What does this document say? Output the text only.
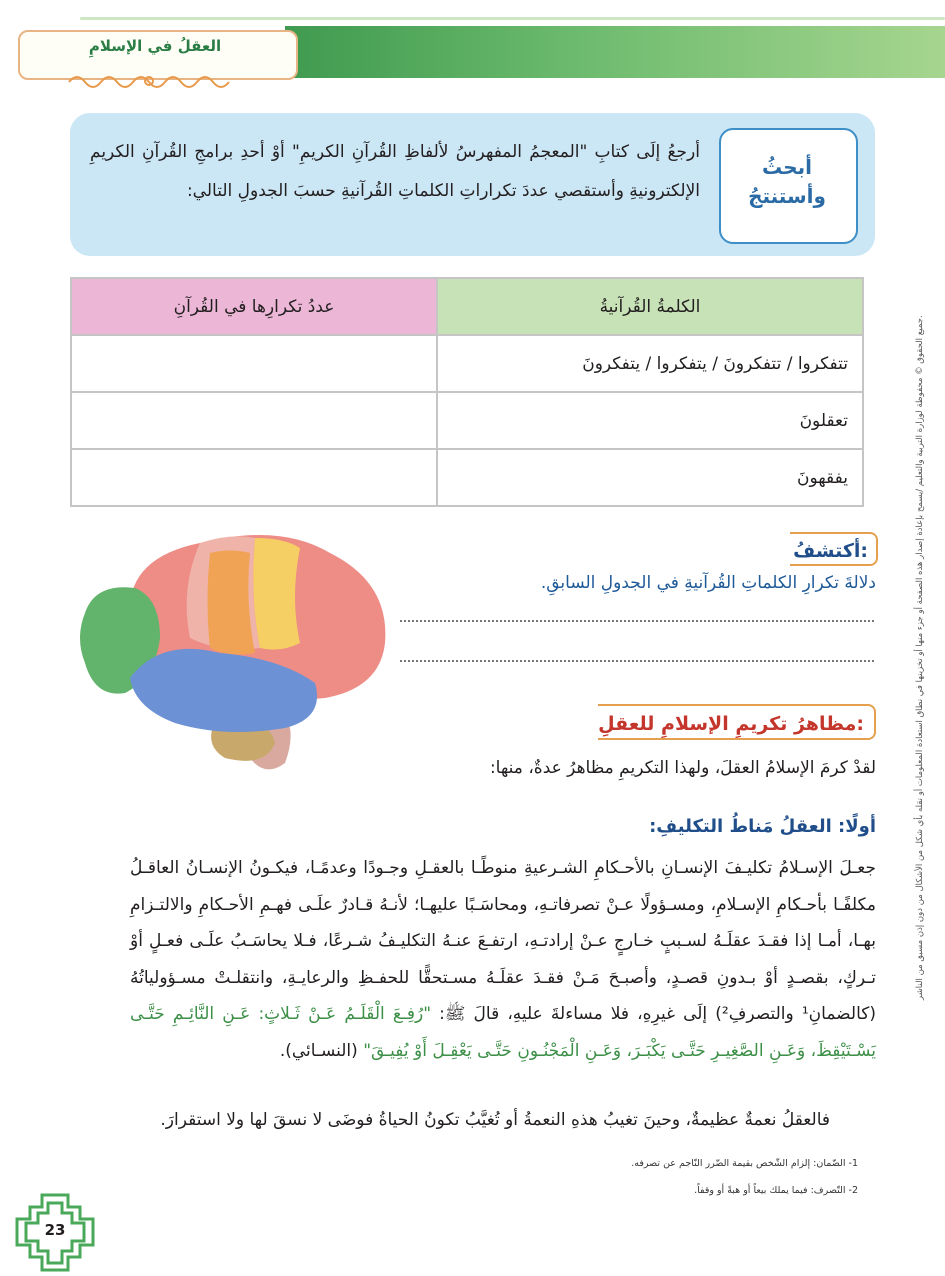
العقلُ في الإسلامِ
أبحثُ
وأستنتجُ
أرجعُ إلَى كتابِ "المعجمُ المفهرسُ لألفاظِ القُرآنِ الكريمِ" أوْ أحدِ برامجِ القُرآنِ الكريمِ الإلكترونيةِ وأستقصي عددَ تكراراتِ الكلماتِ القُرآنيةِ حسبَ الجدولِ التالي:
الكلمةُ القُرآنيةُ	عددُ تكرارِها في القُرآنِ
تتفكروا / تتفكرونَ / يتفكروا / يتفكرونَ	
تعقلونَ	
يفقهونَ	
أكتشفُ:
دلالةَ تكرارِ الكلماتِ القُرآنيةِ في الجدولِ السابقِ.
مظاهرُ تكريمِ الإسلامِ للعقلِ:
لقدْ كرمَ الإسلامُ العقلَ، ولهذا التكريمِ مظاهرُ عدةٌ، منها:
أولًا: العقلُ مَناطُ التكليفِ:
جعـلَ الإسـلامُ تكليـفَ الإنسـانِ بالأحـكامِ الشـرعيةِ منوطًـا بالعقـلِ وجـودًا وعدمًـا، فيكـونُ الإنسـانُ العاقـلُ مكلفًـا بأحـكامِ الإسـلامِ، ومسـؤولًا عـنْ تصرفاتـهِ، ومحاسَـبًا عليهـا؛ لأنـهُ قـادرٌ علَـى فهـمِ الأحـكامِ والالتـزامِ بهـا، أمـا إذا فقـدَ عقلَـهُ لسـببٍ خـارجٍ عـنْ إرادتـهِ، ارتفـعَ عنـهُ التكليـفُ شـرعًا، فـلا يحاسَـبُ علَـى فعـلٍ أوْ تـركٍ، بقصـدٍ أوْ بـدونِ قصـدٍ، وأصبـحَ مَـنْ فقـدَ عقلَـهُ مسـتحقًّا للحفـظِ والرعايـةِ، وانتقلـتْ مسـؤولياتُهُ (كالضمانِ¹ والتصرفِ²) إلَى غيرِهِ، فلا مساءلةَ عليهِ، قالَ ﷺ: "رُفِـعَ الْقَلَـمُ عَـنْ ثَـلاثٍ: عَـنِ النَّائِـمِ حَتَّـى يَسْـتَيْقِظَ، وَعَـنِ الصَّغِيـرِ حَتَّـى يَكْبَـرَ، وَعَـنِ الْمَجْنُـونِ حَتَّـى يَعْقِـلَ أَوْ يُفِيـقَ" (النسـائي).
فالعقلُ نعمةٌ عظيمةٌ، وحينَ تغيبُ هذهِ النعمةُ أو تُغيَّبُ تكونُ الحياةُ فوضَى لا نسقَ لها ولا استقرارَ.
1- الضّمان: إلزام الشّخص بقيمة الضّرر النّاجم عن تصرفه.
2- التّصرف: فيما يملك بيعاً أو هبةً أو وقفاً.
جميع الحقوق © محفوظة لوزارة التربية والتعليم /يسمح بإعادة إصدار هذه الصفحة أو جزء منها أو تخزينها في نطاق استعادة المعلومات أو نقله بأي شكل من الأشكال من دون إذن مسبق من الناشر.
23
